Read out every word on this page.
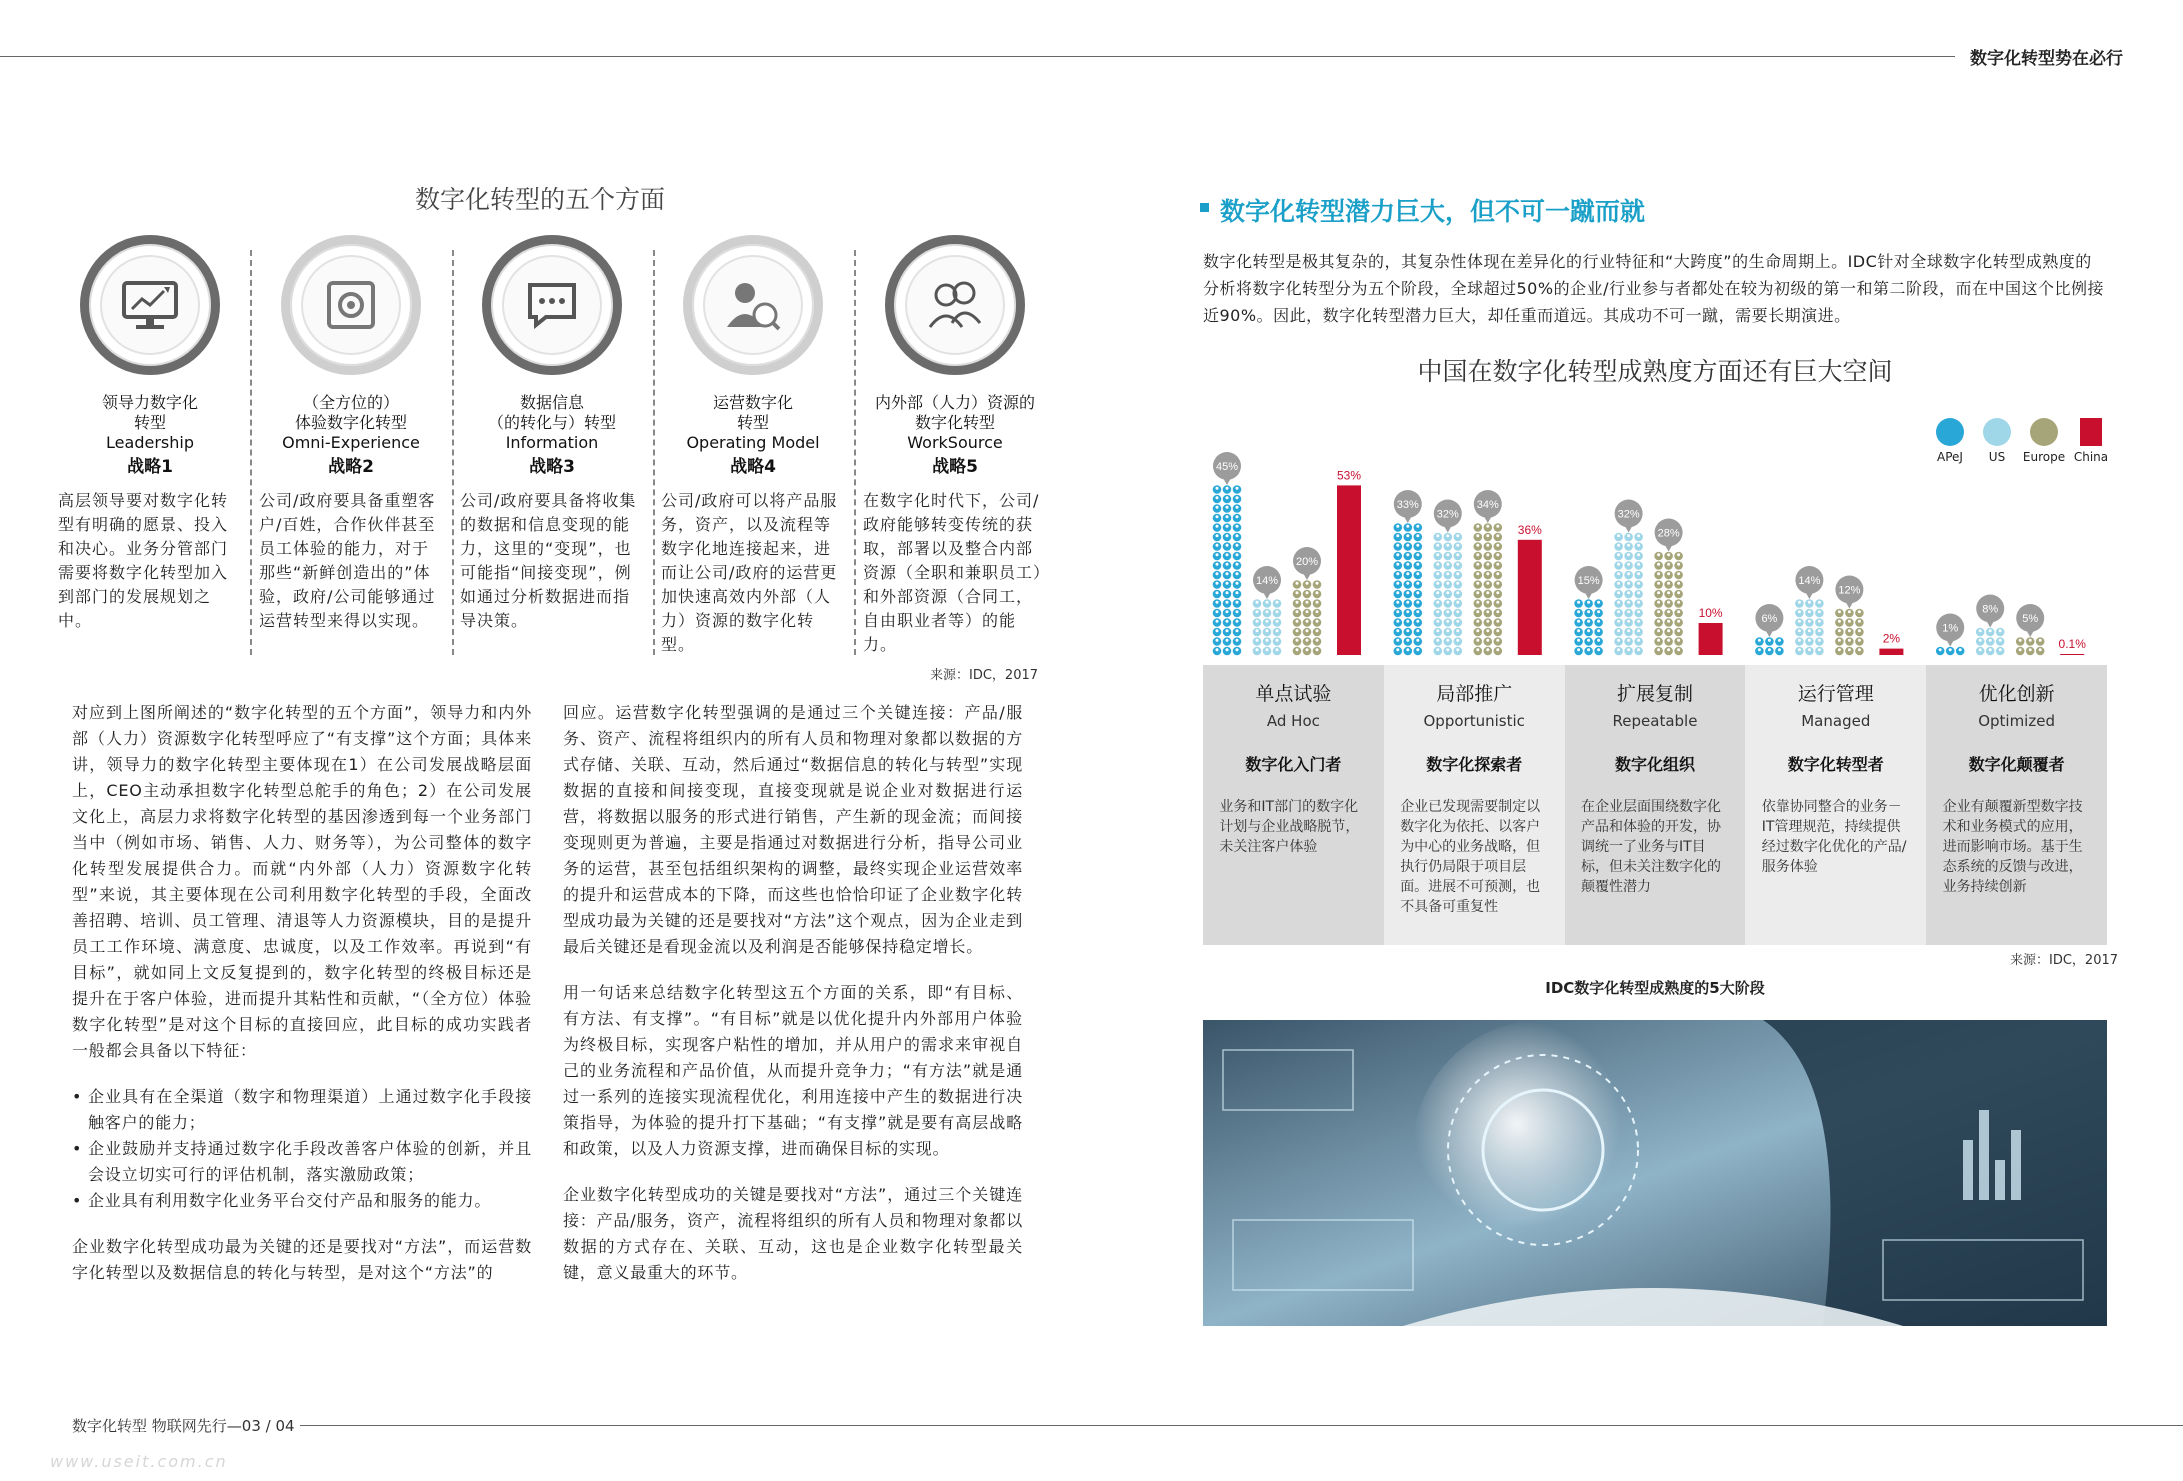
数字化转型势在必行
数字化转型的五个方面
领导力数字化
转型
Leadership
战略1
高层领导要对数字化转型有明确的愿景、投入和决心。业务分管部门需要将数字化转型加入到部门的发展规划之中。
（全方位的）
体验数字化转型
Omni-Experience
战略2
公司/政府要具备重塑客户/百姓，合作伙伴甚至员工体验的能力，对于那些“新鲜创造出的”体验，政府/公司能够通过运营转型来得以实现。
数据信息
（的转化与）转型
Information
战略3
公司/政府要具备将收集的数据和信息变现的能力，这里的“变现”，也可能指“间接变现”，例如通过分析数据进而指导决策。
运营数字化
转型
Operating Model
战略4
公司/政府可以将产品服务，资产，以及流程等数字化地连接起来，进而让公司/政府的运营更加快速高效内外部（人力）资源的数字化转型。
内外部（人力）资源的
数字化转型
WorkSource
战略5
在数字化时代下，公司/政府能够转变传统的获取，部署以及整合内部资源（全职和兼职员工）和外部资源（合同工，自由职业者等）的能力。
来源：IDC，2017

对应到上图所阐述的“数字化转型的五个方面”，领导力和内外部（人力）资源数字化转型呼应了“有支撑”这个方面；具体来讲，领导力的数字化转型主要体现在1）在公司发展战略层面上，CEO主动承担数字化转型总舵手的角色；2）在公司发展文化上，高层力求将数字化转型的基因渗透到每一个业务部门当中（例如市场、销售、人力、财务等），为公司整体的数字化转型发展提供合力。而就“内外部（人力）资源数字化转型”来说，其主要体现在公司利用数字化转型的手段，全面改善招聘、培训、员工管理、清退等人力资源模块，目的是提升员工工作环境、满意度、忠诚度，以及工作效率。再说到“有目标”，就如同上文反复提到的，数字化转型的终极目标还是提升在于客户体验，进而提升其粘性和贡献，“（全方位）体验数字化转型”是对这个目标的直接回应，此目标的成功实践者一般都会具备以下特征：

• 企业具有在全渠道（数字和物理渠道）上通过数字化手段接触客户的能力；
• 企业鼓励并支持通过数字化手段改善客户体验的创新，并且会设立切实可行的评估机制，落实激励政策；
• 企业具有利用数字化业务平台交付产品和服务的能力。

企业数字化转型成功最为关键的还是要找对“方法”，而运营数字化转型以及数据信息的转化与转型，是对这个“方法”的

回应。运营数字化转型强调的是通过三个关键连接：产品/服务、资产、流程将组织内的所有人员和物理对象都以数据的方式存储、关联、互动，然后通过“数据信息的转化与转型”实现数据的直接和间接变现，直接变现就是说企业对数据进行运营，将数据以服务的形式进行销售，产生新的现金流；而间接变现则更为普遍，主要是指通过对数据进行分析，指导公司业务的运营，甚至包括组织架构的调整，最终实现企业运营效率的提升和运营成本的下降，而这些也恰恰印证了企业数字化转型成功最为关键的还是要找对“方法”这个观点，因为企业走到最后关键还是看现金流以及利润是否能够保持稳定增长。

用一句话来总结数字化转型这五个方面的关系，即“有目标、有方法、有支撑”。“有目标”就是以优化提升内外部用户体验为终极目标，实现客户粘性的增加，并从用户的需求来审视自己的业务流程和产品价值，从而提升竞争力；“有方法”就是通过一系列的连接实现流程优化，利用连接中产生的数据进行决策指导，为体验的提升打下基础；“有支撑”就是要有高层战略和政策，以及人力资源支撑，进而确保目标的实现。

企业数字化转型成功的关键是要找对“方法”，通过三个关键连接：产品/服务，资产，流程将组织的所有人员和物理对象都以数据的方式存在、关联、互动，这也是企业数字化转型最关键，意义最重大的环节。

数字化转型潜力巨大，但不可一蹴而就
数字化转型是极其复杂的，其复杂性体现在差异化的行业特征和“大跨度”的生命周期上。IDC针对全球数字化转型成熟度的分析将数字化转型分为五个阶段，全球超过50%的企业/行业参与者都处在较为初级的第一和第二阶段，而在中国这个比例接近90%。因此，数字化转型潜力巨大，却任重而道远。其成功不可一蹴，需要长期演进。
中国在数字化转型成熟度方面还有巨大空间
APeJ	US	Europe China
45%
14%
20%
53%
33%
32%
34%
36%
15%
32%
28%
10%	6%
14%
12%
2%
1%
8%
5%
0.1%
单点试验
Ad Hoc
数字化入门者
业务和IT部门的数字化计划与企业战略脱节，未关注客户体验
局部推广
Opportunistic
数字化探索者
企业已发现需要制定以数字化为依托、以客户为中心的业务战略，但执行仍局限于项目层面。进展不可预测，也不具备可重复性
扩展复制
Repeatable
数字化组织
在企业层面围绕数字化产品和体验的开发，协调统一了业务与IT目标，但未关注数字化的颠覆性潜力
运行管理
Managed
数字化转型者
依靠协同整合的业务－IT管理规范，持续提供经过数字化优化的产品/服务体验
优化创新
Optimized
数字化颠覆者
企业有颠覆新型数字技术和业务模式的应用，进而影响市场。基于生态系统的反馈与改进，业务持续创新
来源：IDC，2017
IDC数字化转型成熟度的5大阶段
数字化转型 物联网先行—03 / 04
www.useit.com.cn
